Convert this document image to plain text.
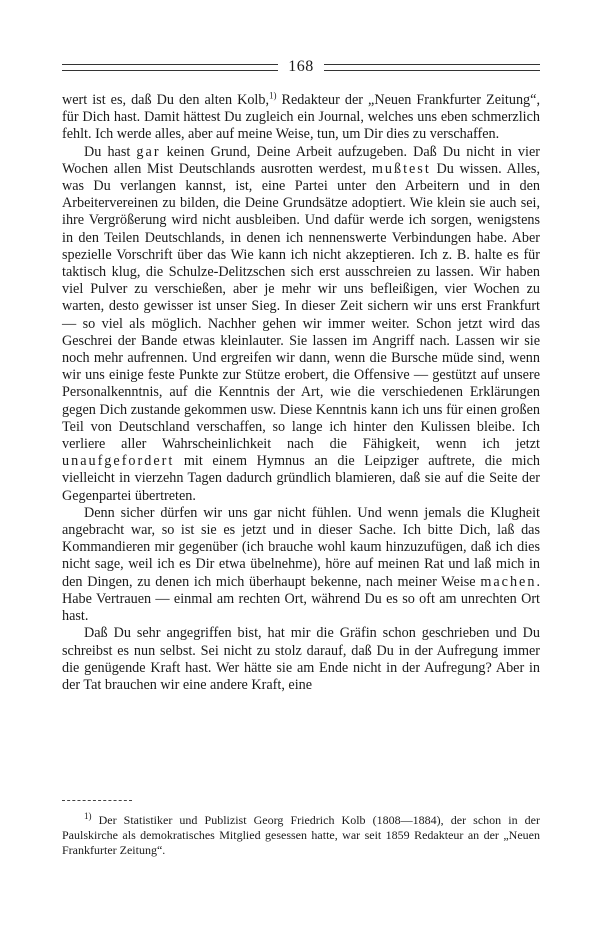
168

wert ist es, daß Du den alten Kolb,$^{1)}$ Redakteur der „Neuen Frankfurter Zeitung“, für Dich hast. Damit hättest Du zugleich ein Journal, welches uns eben schmerzlich fehlt. Ich werde alles, aber auf meine Weise, tun, um Dir dies zu verschaffen.

Du hast gar keinen Grund, Deine Arbeit aufzugeben. Daß Du nicht in vier Wochen allen Mist Deutschlands ausrotten werdest, mußtest Du wissen. Alles, was Du verlangen kannst, ist, eine Partei unter den Arbeitern und in den Arbeitervereinen zu bilden, die Deine Grundsätze adoptiert. Wie klein sie auch sei, ihre Vergrößerung wird nicht ausbleiben. Und dafür werde ich sorgen, wenigstens in den Teilen Deutschlands, in denen ich nennenswerte Verbindungen habe. Aber spezielle Vorschrift über das Wie kann ich nicht akzeptieren. Ich z. B. halte es für taktisch klug, die Schulze-Delitzschen sich erst ausschreien zu lassen. Wir haben viel Pulver zu verschießen, aber je mehr wir uns befleißigen, vier Wochen zu warten, desto gewisser ist unser Sieg. In dieser Zeit sichern wir uns erst Frankfurt — so viel als möglich. Nachher gehen wir immer weiter. Schon jetzt wird das Geschrei der Bande etwas kleinlauter. Sie lassen im Angriff nach. Lassen wir sie noch mehr aufrennen. Und ergreifen wir dann, wenn die Bursche müde sind, wenn wir uns einige feste Punkte zur Stütze erobert, die Offensive — gestützt auf unsere Personalkenntnis, auf die Kenntnis der Art, wie die verschiedenen Erklärungen gegen Dich zustande gekommen usw. Diese Kenntnis kann ich uns für einen großen Teil von Deutschland verschaffen, so lange ich hinter den Kulissen bleibe. Ich verliere aller Wahrscheinlichkeit nach die Fähigkeit, wenn ich jetzt unaufgefordert mit einem Hymnus an die Leipziger auftrete, die mich vielleicht in vierzehn Tagen dadurch gründlich blamieren, daß sie auf die Seite der Gegenpartei übertreten.

Denn sicher dürfen wir uns gar nicht fühlen. Und wenn jemals die Klugheit angebracht war, so ist sie es jetzt und in dieser Sache. Ich bitte Dich, laß das Kommandieren mir gegenüber (ich brauche wohl kaum hinzuzufügen, daß ich dies nicht sage, weil ich es Dir etwa übelnehme), höre auf meinen Rat und laß mich in den Dingen, zu denen ich mich überhaupt bekenne, nach meiner Weise machen. Habe Vertrauen — einmal am rechten Ort, während Du es so oft am unrechten Ort hast.

Daß Du sehr angegriffen bist, hat mir die Gräfin schon geschrieben und Du schreibst es nun selbst. Sei nicht zu stolz darauf, daß Du in der Aufregung immer die genügende Kraft hast. Wer hätte sie am Ende nicht in der Aufregung? Aber in der Tat brauchen wir eine andere Kraft, eine

$^{1)}$ Der Statistiker und Publizist Georg Friedrich Kolb (1808—1884), der schon in der Paulskirche als demokratisches Mitglied gesessen hatte, war seit 1859 Redakteur an der „Neuen Frankfurter Zeitung“.
